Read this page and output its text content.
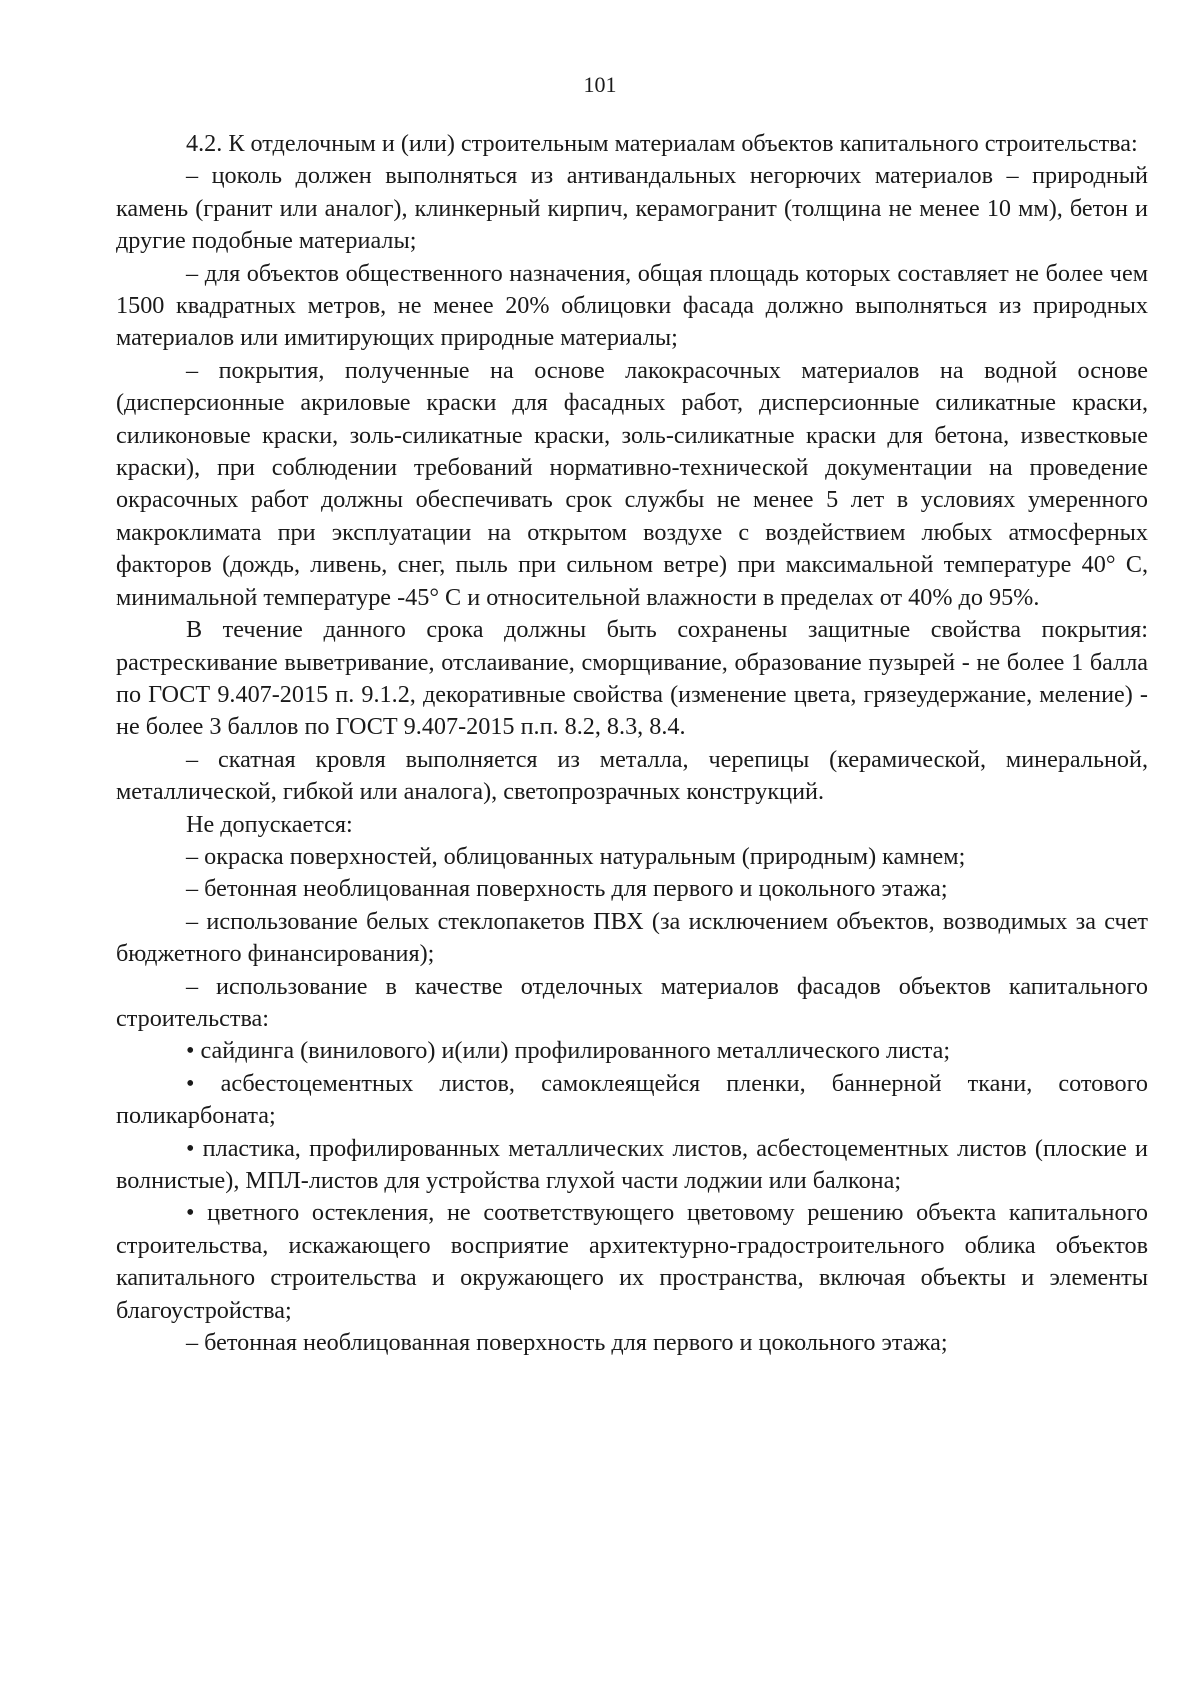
101

4.2. К отделочным и (или) строительным материалам объектов капитального строительства:

– цоколь должен выполняться из антивандальных негорючих материалов – природный камень (гранит или аналог), клинкерный кирпич, керамогранит (толщина не менее 10 мм), бетон и другие подобные материалы;

– для объектов общественного назначения, общая площадь которых составляет не более чем 1500 квадратных метров, не менее 20% облицовки фасада должно выполняться из природных материалов или имитирующих природные материалы;

– покрытия, полученные на основе лакокрасочных материалов на водной основе (дисперсионные акриловые краски для фасадных работ, дисперсионные силикатные краски, силиконовые краски, золь-силикатные краски, золь-силикатные краски для бетона, известковые краски), при соблюдении требований нормативно-технической документации на проведение окрасочных работ должны обеспечивать срок службы не менее 5 лет в условиях умеренного макроклимата при эксплуатации на открытом воздухе с воздействием любых атмосферных факторов (дождь, ливень, снег, пыль при сильном ветре) при максимальной температуре 40° С, минимальной температуре -45° С и относительной влажности в пределах от 40% до 95%.

В течение данного срока должны быть сохранены защитные свойства покрытия: растрескивание выветривание, отслаивание, сморщивание, образование пузырей - не более 1 балла по ГОСТ 9.407-2015 п. 9.1.2, декоративные свойства (изменение цвета, грязеудержание, меление) - не более 3 баллов по ГОСТ 9.407-2015 п.п. 8.2, 8.3, 8.4.

– скатная кровля выполняется из металла, черепицы (керамической, минеральной, металлической, гибкой или аналога), светопрозрачных конструкций.

Не допускается:

– окраска поверхностей, облицованных натуральным (природным) камнем;

– бетонная необлицованная поверхность для первого и цокольного этажа;

– использование белых стеклопакетов ПВХ (за исключением объектов, возводимых за счет бюджетного финансирования);

– использование в качестве отделочных материалов фасадов объектов капитального строительства:

• сайдинга (винилового) и(или) профилированного металлического листа;

• асбестоцементных листов, самоклеящейся пленки, баннерной ткани, сотового поликарбоната;

• пластика, профилированных металлических листов, асбестоцементных листов (плоские и волнистые), МПЛ-листов для устройства глухой части лоджии или балкона;

• цветного остекления, не соответствующего цветовому решению объекта капитального строительства, искажающего восприятие архитектурно-градостроительного облика объектов капитального строительства и окружающего их пространства, включая объекты и элементы благоустройства;

– бетонная необлицованная поверхность для первого и цокольного этажа;
